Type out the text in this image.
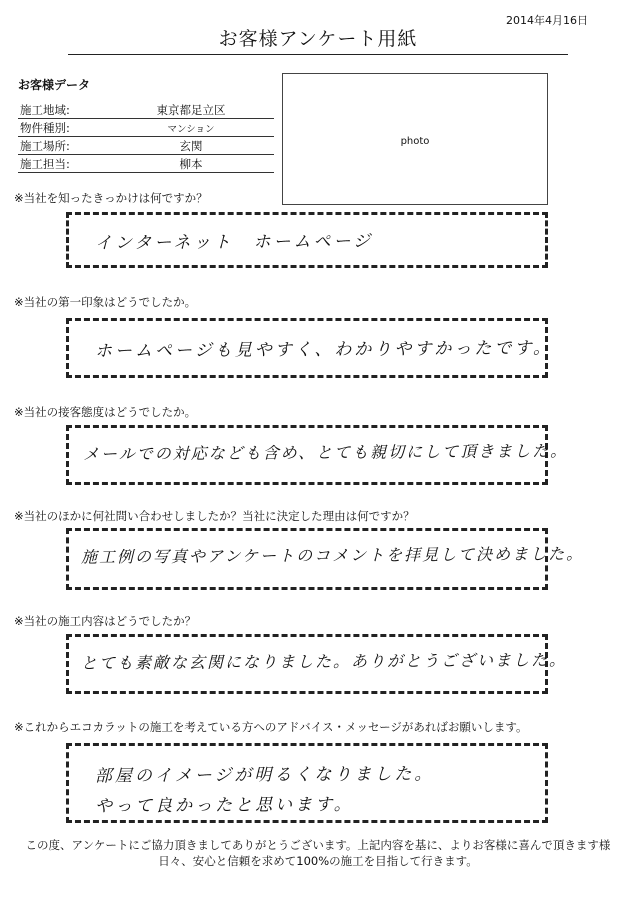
2014年4月16日
お客様アンケート用紙
お客様データ
施工地域:	東京都足立区
物件種別:	マンション
施工場所:	玄関
施工担当:	柳本
photo
※当社を知ったきっかけは何ですか？
インターネット　ホームページ
※当社の第一印象はどうでしたか。
ホームページも見やすく、わかりやすかったです。
※当社の接客態度はどうでしたか。
メールでの対応なども含め、とても親切にして頂きました。
※当社のほかに何社問い合わせしましたか？当社に決定した理由は何ですか？
施工例の写真やアンケートのコメントを拝見して決めました。
※当社の施工内容はどうでしたか？
とても素敵な玄関になりました。ありがとうございました。
※これからエコカラットの施工を考えている方へのアドバイス・メッセージがあればお願いします。
部屋のイメージが明るくなりました。
やって良かったと思います。
この度、アンケートにご協力頂きましてありがとうございます。上記内容を基に、よりお客様に喜んで頂きます様
日々、安心と信頼を求めて100%の施工を目指して行きます。
